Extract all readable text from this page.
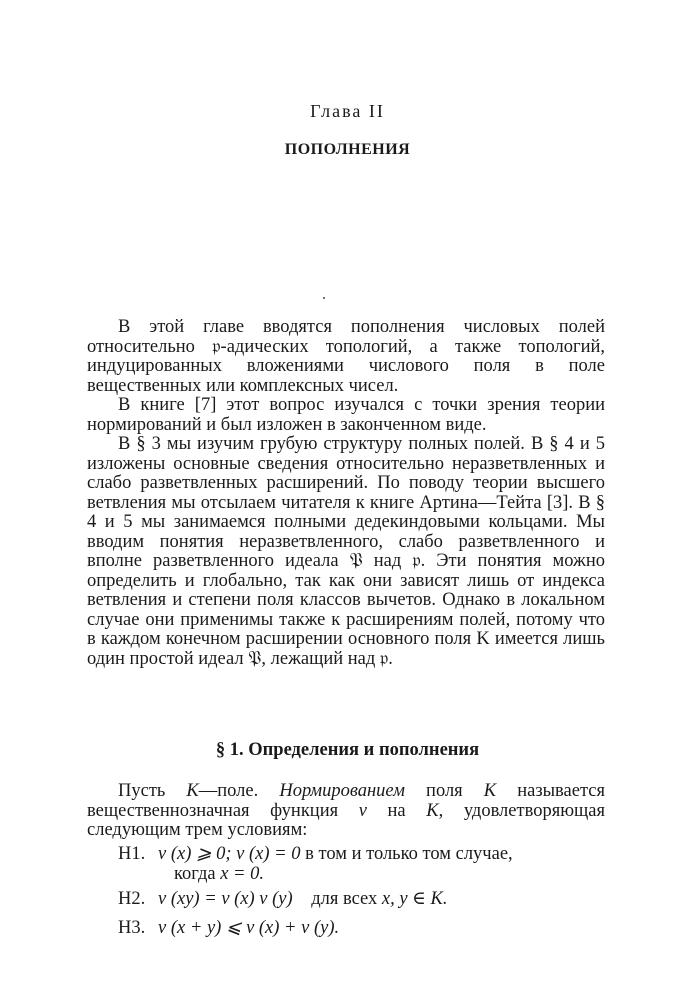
Глава II
ПОПОЛНЕНИЯ

В этой главе вводятся пополнения числовых полей относительно 𝔭-адических топологий, а также топологий, индуцированных вложениями числового поля в поле вещественных или комплексных чисел.

В книге [7] этот вопрос изучался с точки зрения теории нормирований и был изложен в законченном виде.

В § 3 мы изучим грубую структуру полных полей. В § 4 и 5 изложены основные сведения относительно неразветвленных и слабо разветвленных расширений. По поводу теории высшего ветвления мы отсылаем читателя к книге Артина—Тейта [3]. В § 4 и 5 мы занимаемся полными дедекиндовыми кольцами. Мы вводим понятия неразветвленного, слабо разветвленного и вполне разветвленного идеала 𝔓 над 𝔭. Эти понятия можно определить и глобально, так как они зависят лишь от индекса ветвления и степени поля классов вычетов. Однако в локальном случае они применимы также к расширениям полей, потому что в каждом конечном расширении основного поля K имеется лишь один простой идеал 𝔓, лежащий над 𝔭.

§ 1. Определения и пополнения

Пусть K—поле. Нормированием поля K называется вещественнозначная функция v на K, удовлетворяющая следующим трем условиям:

H1. v (x) ⩾ 0; v (x) = 0 в том и только том случае,
когда x = 0.
H2. v (xy) = v (x) v (y)    для всех x, y ∈ K.
H3. v (x + y) ⩽ v (x) + v (y).
